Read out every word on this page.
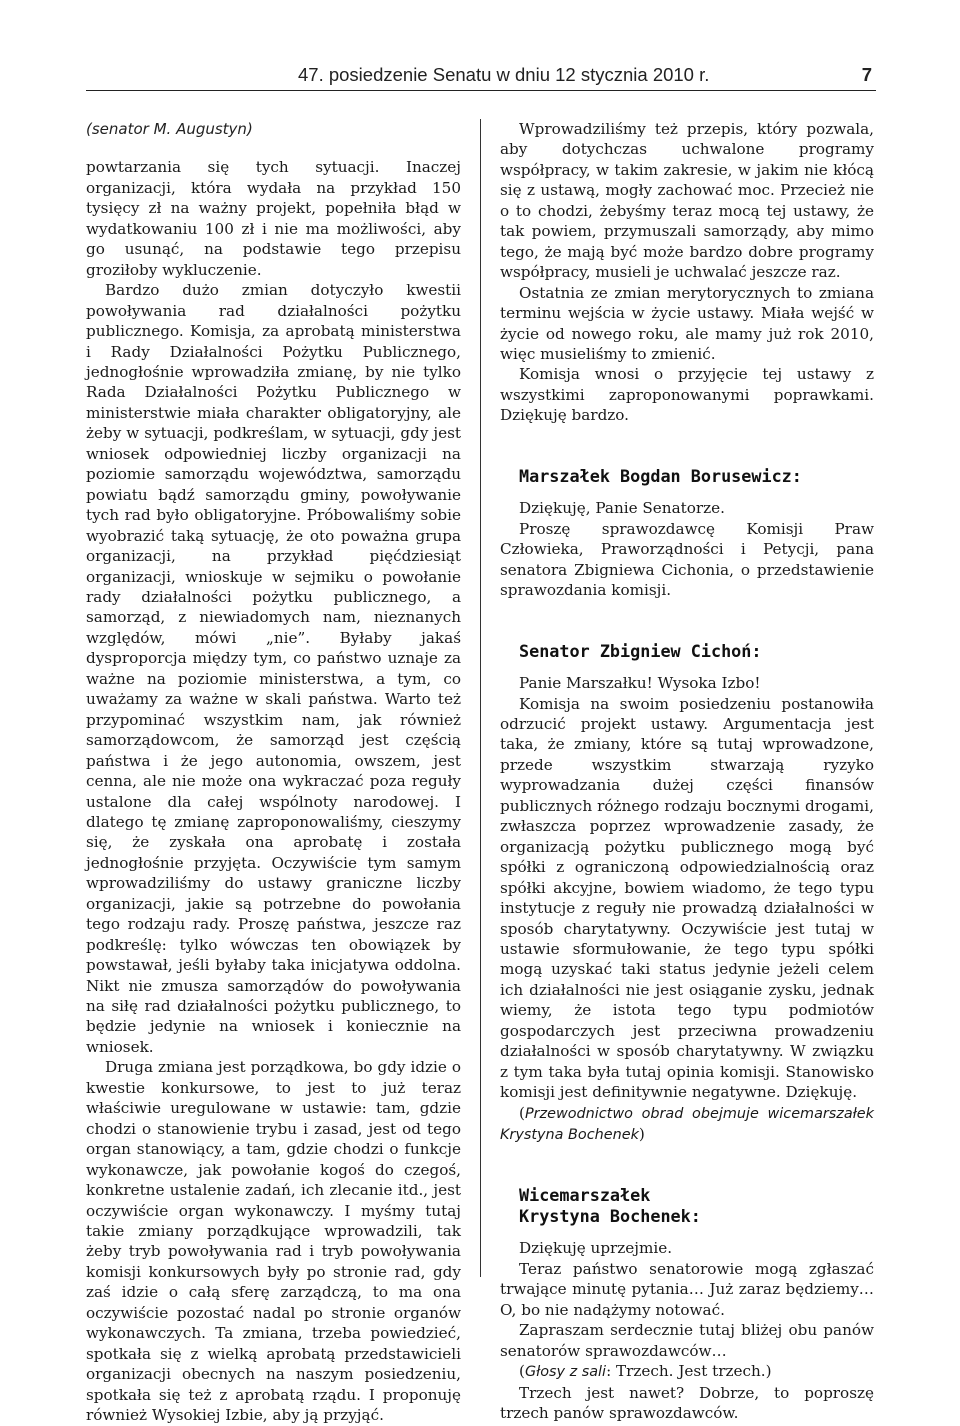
47. posiedzenie Senatu w dniu 12 stycznia 2010 r.	7

(senator M. Augustyn)

powtarzania się tych sytuacji. Inaczej organizacji, która wydała na przykład 150 tysięcy zł na ważny projekt, popełniła błąd w wydatkowaniu 100 zł i nie ma możliwości, aby go usunąć, na podstawie tego przepisu groziłoby wykluczenie.

Bardzo dużo zmian dotyczyło kwestii powoływania rad działalności pożytku publicznego. Komisja, za aprobatą ministerstwa i Rady Działalności Pożytku Publicznego, jednogłośnie wprowadziła zmianę, by nie tylko Rada Działalności Pożytku Publicznego w ministerstwie miała charakter obligatoryjny, ale żeby w sytuacji, podkreślam, w sytuacji, gdy jest wniosek odpowiedniej liczby organizacji na poziomie samorządu województwa, samorządu powiatu bądź samorządu gminy, powoływanie tych rad było obligatoryjne. Próbowaliśmy sobie wyobrazić taką sytuację, że oto poważna grupa organizacji, na przykład pięćdziesiąt organizacji, wnioskuje w sejmiku o powołanie rady działalności pożytku publicznego, a samorząd, z niewiadomych nam, nieznanych względów, mówi „nie”. Byłaby jakaś dysproporcja między tym, co państwo uznaje za ważne na poziomie ministerstwa, a tym, co uważamy za ważne w skali państwa. Warto też przypominać wszystkim nam, jak również samorządowcom, że samorząd jest częścią państwa i że jego autonomia, owszem, jest cenna, ale nie może ona wykraczać poza reguły ustalone dla całej wspólnoty narodowej. I dlatego tę zmianę zaproponowaliśmy, cieszymy się, że zyskała ona aprobatę i została jednogłośnie przyjęta. Oczywiście tym samym wprowadziliśmy do ustawy graniczne liczby organizacji, jakie są potrzebne do powołania tego rodzaju rady. Proszę państwa, jeszcze raz podkreślę: tylko wówczas ten obowiązek by powstawał, jeśli byłaby taka inicjatywa oddolna. Nikt nie zmusza samorządów do powoływania na siłę rad działalności pożytku publicznego, to będzie jedynie na wniosek i koniecznie na wniosek.

Druga zmiana jest porządkowa, bo gdy idzie o kwestie konkursowe, to jest to już teraz właściwie uregulowane w ustawie: tam, gdzie chodzi o stanowienie trybu i zasad, jest od tego organ stanowiący, a tam, gdzie chodzi o funkcje wykonawcze, jak powołanie kogoś do czegoś, konkretne ustalenie zadań, ich zlecanie itd., jest oczywiście organ wykonawczy. I myśmy tutaj takie zmiany porządkujące wprowadzili, tak żeby tryb powoływania rad i tryb powoływania komisji konkursowych były po stronie rad, gdy zaś idzie o całą sferę zarządczą, to ma ona oczywiście pozostać nadal po stronie organów wykonawczych. Ta zmiana, trzeba powiedzieć, spotkała się z wielką aprobatą przedstawicieli organizacji obecnych na naszym posiedzeniu, spotkała się też z aprobatą rządu. I proponuję również Wysokiej Izbie, aby ją przyjąć.

Wprowadziliśmy też przepis, który pozwala, aby dotychczas uchwalone programy współpracy, w takim zakresie, w jakim nie kłócą się z ustawą, mogły zachować moc. Przecież nie o to chodzi, żebyśmy teraz mocą tej ustawy, że tak powiem, przymuszali samorządy, aby mimo tego, że mają być może bardzo dobre programy współpracy, musieli je uchwalać jeszcze raz.

Ostatnia ze zmian merytorycznych to zmiana terminu wejścia w życie ustawy. Miała wejść w życie od nowego roku, ale mamy już rok 2010, więc musieliśmy to zmienić.

Komisja wnosi o przyjęcie tej ustawy z wszystkimi zaproponowanymi poprawkami. Dziękuję bardzo.

Marszałek Bogdan Borusewicz:

Dziękuję, Panie Senatorze.

Proszę sprawozdawcę Komisji Praw Człowieka, Praworządności i Petycji, pana senatora Zbigniewa Cichonia, o przedstawienie sprawozdania komisji.

Senator Zbigniew Cichoń:

Panie Marszałku! Wysoka Izbo!

Komisja na swoim posiedzeniu postanowiła odrzucić projekt ustawy. Argumentacja jest taka, że zmiany, które są tutaj wprowadzone, przede wszystkim stwarzają ryzyko wyprowadzania dużej części finansów publicznych różnego rodzaju bocznymi drogami, zwłaszcza poprzez wprowadzenie zasady, że organizacją pożytku publicznego mogą być spółki z ograniczoną odpowiedzialnością oraz spółki akcyjne, bowiem wiadomo, że tego typu instytucje z reguły nie prowadzą działalności w sposób charytatywny. Oczywiście jest tutaj w ustawie sformułowanie, że tego typu spółki mogą uzyskać taki status jedynie jeżeli celem ich działalności nie jest osiąganie zysku, jednak wiemy, że istota tego typu podmiotów gospodarczych jest przeciwna prowadzeniu działalności w sposób charytatywny. W związku z tym taka była tutaj opinia komisji. Stanowisko komisji jest definitywnie negatywne. Dziękuję.

(Przewodnictwo obrad obejmuje wicemarszałek Krystyna Bochenek)

Wicemarszałek

Krystyna Bochenek:

Dziękuję uprzejmie.

Teraz państwo senatorowie mogą zgłaszać trwające minutę pytania… Już zaraz będziemy… O, bo nie nadążymy notować.

Zapraszam serdecznie tutaj bliżej obu panów senatorów sprawozdawców…

(Głosy z sali: Trzech. Jest trzech.)

Trzech jest nawet? Dobrze, to poproszę trzech panów sprawozdawców.
